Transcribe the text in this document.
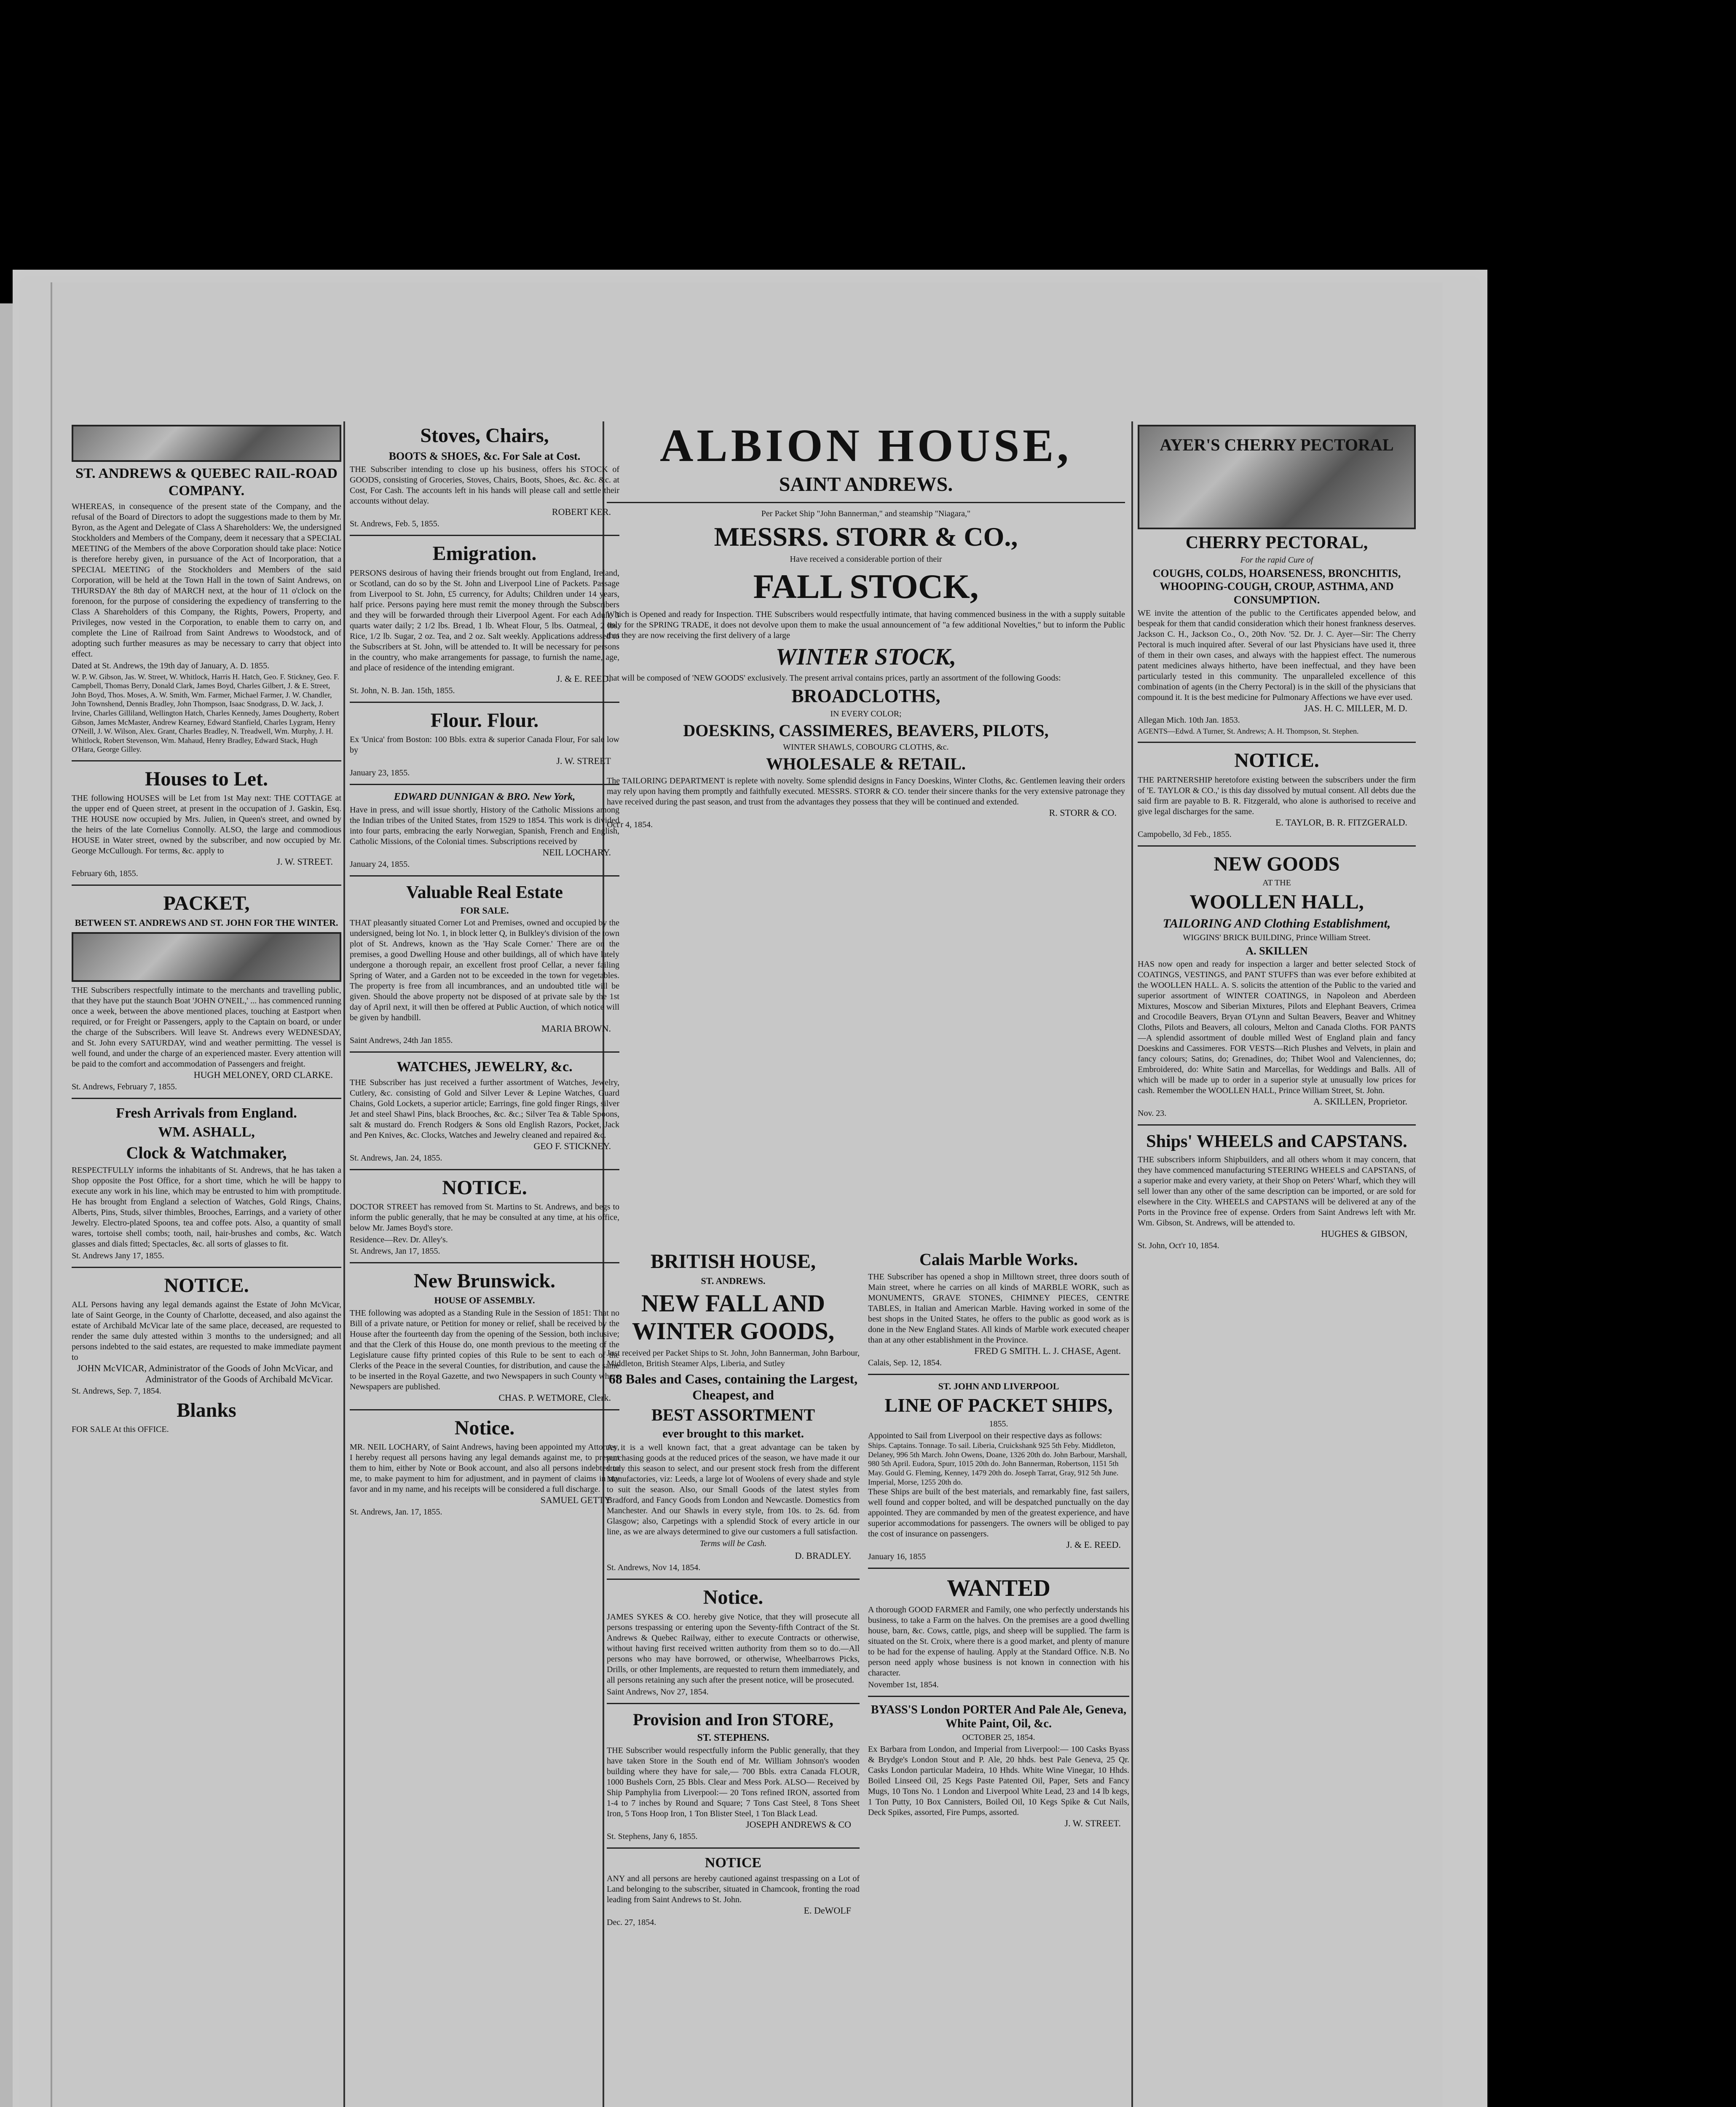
ST. ANDREWS & QUEBEC RAIL-ROAD COMPANY.
WHEREAS, in consequence of the present state of the Company, and the refusal of the Board of Directors to adopt the suggestions made to them by Mr. Byron, as the Agent and Delegate of Class A Shareholders: We, the undersigned Stockholders and Members of the Company, deem it necessary that a SPECIAL MEETING of the Members of the above Corporation should take place: Notice is therefore hereby given, in pursuance of the Act of Incorporation, that a SPECIAL MEETING of the Stockholders and Members of the said Corporation, will be held at the Town Hall in the town of Saint Andrews, on THURSDAY the 8th day of MARCH next, at the hour of 11 o'clock on the forenoon, for the purpose of considering the expediency of transferring to the Class A Shareholders of this Company, the Rights, Powers, Property, and Privileges, now vested in the Corporation, to enable them to carry on, and complete the Line of Railroad from Saint Andrews to Woodstock, and of adopting such further measures as may be necessary to carry that object into effect.
Dated at St. Andrews, the 19th day of January, A. D. 1855.
W. P. W. Gibson, Jas. W. Street, W. Whitlock, Harris H. Hatch, Geo. F. Stickney, Geo. F. Campbell, Thomas Berry, Donald Clark, James Boyd, Charles Gilbert, J. & E. Street, John Boyd, Thos. Moses, A. W. Smith, Wm. Farmer, Michael Farmer, J. W. Chandler, John Townshend, Dennis Bradley, John Thompson, Isaac Snodgrass, D. W. Jack, J. Irvine, Charles Gilliland, Wellington Hatch, Charles Kennedy, James Dougherty, Robert Gibson, James McMaster, Andrew Kearney, Edward Stanfield, Charles Lygram, Henry O'Neill, J. W. Wilson, Alex. Grant, Charles Bradley, N. Treadwell, Wm. Murphy, J. H. Whitlock, Robert Stevenson, Wm. Mahaud, Henry Bradley, Edward Stack, Hugh O'Hara, George Gilley.
Houses to Let.
THE following HOUSES will be Let from 1st May next: THE COTTAGE at the upper end of Queen street, at present in the occupation of J. Gaskin, Esq. THE HOUSE now occupied by Mrs. Julien, in Queen's street, and owned by the heirs of the late Cornelius Connolly. ALSO, the large and commodious HOUSE in Water street, owned by the subscriber, and now occupied by Mr. George McCullough. For terms, &c. apply to
J. W. STREET.
February 6th, 1855.
PACKET,
BETWEEN ST. ANDREWS AND ST. JOHN FOR THE WINTER.
THE Subscribers respectfully intimate to the merchants and travelling public, that they have put the staunch Boat 'JOHN O'NEIL,' ... has commenced running once a week, between the above mentioned places, touching at Eastport when required, or for Freight or Passengers, apply to the Captain on board, or under the charge of the Subscribers. Will leave St. Andrews every WEDNESDAY, and St. John every SATURDAY, wind and weather permitting. The vessel is well found, and under the charge of an experienced master. Every attention will be paid to the comfort and accommodation of Passengers and freight.
HUGH MELONEY, ORD CLARKE.
St. Andrews, February 7, 1855.
Fresh Arrivals from England.
WM. ASHALL,
Clock & Watchmaker,
RESPECTFULLY informs the inhabitants of St. Andrews, that he has taken a Shop opposite the Post Office, for a short time, which he will be happy to execute any work in his line, which may be entrusted to him with promptitude. He has brought from England a selection of Watches, Gold Rings, Chains, Alberts, Pins, Studs, silver thimbles, Brooches, Earrings, and a variety of other Jewelry. Electro-plated Spoons, tea and coffee pots. Also, a quantity of small wares, tortoise shell combs; tooth, nail, hair-brushes and combs, &c. Watch glasses and dials fitted; Spectacles, &c. all sorts of glasses to fit.
St. Andrews Jany 17, 1855.
NOTICE.
ALL Persons having any legal demands against the Estate of John McVicar, late of Saint George, in the County of Charlotte, deceased, and also against the estate of Archibald McVicar late of the same place, deceased, are requested to render the same duly attested within 3 months to the undersigned; and all persons indebted to the said estates, are requested to make immediate payment to
JOHN McVICAR, Administrator of the Goods of John McVicar, and Administrator of the Goods of Archibald McVicar.
St. Andrews, Sep. 7, 1854.
Blanks
FOR SALE At this OFFICE.
Stoves, Chairs,
BOOTS & SHOES, &c. For Sale at Cost.
THE Subscriber intending to close up his business, offers his STOCK of GOODS, consisting of Groceries, Stoves, Chairs, Boots, Shoes, &c. &c. &c. at Cost, For Cash. The accounts left in his hands will please call and settle their accounts without delay.
ROBERT KER.
St. Andrews, Feb. 5, 1855.
Emigration.
PERSONS desirous of having their friends brought out from England, Ireland, or Scotland, can do so by the St. John and Liverpool Line of Packets. Passage from Liverpool to St. John, £5 currency, for Adults; Children under 14 years, half price. Persons paying here must remit the money through the Subscribers and they will be forwarded through their Liverpool Agent. For each Adult, 3 quarts water daily; 2 1/2 lbs. Bread, 1 lb. Wheat Flour, 5 lbs. Oatmeal, 2 lbs. Rice, 1/2 lb. Sugar, 2 oz. Tea, and 2 oz. Salt weekly. Applications addressed to the Subscribers at St. John, will be attended to. It will be necessary for persons in the country, who make arrangements for passage, to furnish the name, age, and place of residence of the intending emigrant.
J. & E. REED.
St. John, N. B. Jan. 15th, 1855.
Flour. Flour.
Ex 'Unica' from Boston: 100 Bbls. extra & superior Canada Flour, For sale low by
J. W. STREET
January 23, 1855.
EDWARD DUNNIGAN & BRO. New York,
Have in press, and will issue shortly, History of the Catholic Missions among the Indian tribes of the United States, from 1529 to 1854. This work is divided into four parts, embracing the early Norwegian, Spanish, French and English, Catholic Missions, of the Colonial times. Subscriptions received by
NEIL LOCHARY.
January 24, 1855.
Valuable Real Estate
FOR SALE.
THAT pleasantly situated Corner Lot and Premises, owned and occupied by the undersigned, being lot No. 1, in block letter Q, in Bulkley's division of the town plot of St. Andrews, known as the 'Hay Scale Corner.' There are on the premises, a good Dwelling House and other buildings, all of which have lately undergone a thorough repair, an excellent frost proof Cellar, a never failing Spring of Water, and a Garden not to be exceeded in the town for vegetables. The property is free from all incumbrances, and an undoubted title will be given. Should the above property not be disposed of at private sale by the 1st day of April next, it will then be offered at Public Auction, of which notice will be given by handbill.
MARIA BROWN.
Saint Andrews, 24th Jan 1855.
WATCHES, JEWELRY, &c.
THE Subscriber has just received a further assortment of Watches, Jewelry, Cutlery, &c. consisting of Gold and Silver Lever & Lepine Watches, Guard Chains, Gold Lockets, a superior article; Earrings, fine gold finger Rings, silver Jet and steel Shawl Pins, black Brooches, &c. &c.; Silver Tea & Table Spoons, salt & mustard do. French Rodgers & Sons old English Razors, Pocket, Jack and Pen Knives, &c. Clocks, Watches and Jewelry cleaned and repaired &c.
GEO F. STICKNEY.
St. Andrews, Jan. 24, 1855.
NOTICE.
DOCTOR STREET has removed from St. Martins to St. Andrews, and begs to inform the public generally, that he may be consulted at any time, at his office, below Mr. James Boyd's store.
Residence—Rev. Dr. Alley's.
St. Andrews, Jan 17, 1855.
New Brunswick.
HOUSE OF ASSEMBLY.
THE following was adopted as a Standing Rule in the Session of 1851: That no Bill of a private nature, or Petition for money or relief, shall be received by the House after the fourteenth day from the opening of the Session, both inclusive; and that the Clerk of this House do, one month previous to the meeting of the Legislature cause fifty printed copies of this Rule to be sent to each of the Clerks of the Peace in the several Counties, for distribution, and cause the same to be inserted in the Royal Gazette, and two Newspapers in such County where Newspapers are published.
CHAS. P. WETMORE, Clerk.
Notice.
MR. NEIL LOCHARY, of Saint Andrews, having been appointed my Attorney, I hereby request all persons having any legal demands against me, to present them to him, either by Note or Book account, and also all persons indebted to me, to make payment to him for adjustment, and in payment of claims in my favor and in my name, and his receipts will be considered a full discharge.
SAMUEL GETTY
St. Andrews, Jan. 17, 1855.
ALBION HOUSE,
SAINT ANDREWS.
Per Packet Ship "John Bannerman," and steamship "Niagara,"
MESSRS. STORR & CO.,
Have received a considerable portion of their
FALL STOCK,
Which is Opened and ready for Inspection. THE Subscribers would respectfully intimate, that having commenced business in the with a supply suitable only for the SPRING TRADE, it does not devolve upon them to make the usual announcement of "a few additional Novelties," but to inform the Public that they are now receiving the first delivery of a large
WINTER STOCK,
that will be composed of 'NEW GOODS' exclusively. The present arrival contains prices, partly an assortment of the following Goods:
BROADCLOTHS,
IN EVERY COLOR;
DOESKINS, CASSIMERES, BEAVERS, PILOTS,
WINTER SHAWLS, COBOURG CLOTHS, &c.
WHOLESALE & RETAIL.
The TAILORING DEPARTMENT is replete with novelty. Some splendid designs in Fancy Doeskins, Winter Cloths, &c. Gentlemen leaving their orders may rely upon having them promptly and faithfully executed. MESSRS. STORR & CO. tender their sincere thanks for the very extensive patronage they have received during the past season, and trust from the advantages they possess that they will be continued and extended.
R. STORR & CO.
Oct'r 4, 1854.
BRITISH HOUSE,
ST. ANDREWS.
NEW FALL AND WINTER GOODS,
Just received per Packet Ships to St. John, John Bannerman, John Barbour, Middleton, British Steamer Alps, Liberia, and Sutley
68 Bales and Cases, containing the Largest, Cheapest, and
BEST ASSORTMENT
ever brought to this market.
As it is a well known fact, that a great advantage can be taken by purchasing goods at the reduced prices of the season, we have made it our study this season to select, and our present stock fresh from the different Manufactories, viz: Leeds, a large lot of Woolens of every shade and style to suit the season. Also, our Small Goods of the latest styles from Bradford, and Fancy Goods from London and Newcastle. Domestics from Manchester. And our Shawls in every style, from 10s. to 2s. 6d. from Glasgow; also, Carpetings with a splendid Stock of every article in our line, as we are always determined to give our customers a full satisfaction.
Terms will be Cash.
D. BRADLEY.
St. Andrews, Nov 14, 1854.
Notice.
JAMES SYKES & CO. hereby give Notice, that they will prosecute all persons trespassing or entering upon the Seventy-fifth Contract of the St. Andrews & Quebec Railway, either to execute Contracts or otherwise, without having first received written authority from them so to do.—All persons who may have borrowed, or otherwise, Wheelbarrows Picks, Drills, or other Implements, are requested to return them immediately, and all persons retaining any such after the present notice, will be prosecuted.
Saint Andrews, Nov 27, 1854.
Provision and Iron STORE,
ST. STEPHENS.
THE Subscriber would respectfully inform the Public generally, that they have taken Store in the South end of Mr. William Johnson's wooden building where they have for sale,— 700 Bbls. extra Canada FLOUR, 1000 Bushels Corn, 25 Bbls. Clear and Mess Pork. ALSO— Received by Ship Pamphylia from Liverpool:— 20 Tons refined IRON, assorted from 1-4 to 7 inches by Round and Square; 7 Tons Cast Steel, 8 Tons Sheet Iron, 5 Tons Hoop Iron, 1 Ton Blister Steel, 1 Ton Black Lead.
JOSEPH ANDREWS & CO
St. Stephens, Jany 6, 1855.
NOTICE
ANY and all persons are hereby cautioned against trespassing on a Lot of Land belonging to the subscriber, situated in Chamcook, fronting the road leading from Saint Andrews to St. John.
E. DeWOLF
Dec. 27, 1854.
Calais Marble Works.
THE Subscriber has opened a shop in Milltown street, three doors south of Main street, where he carries on all kinds of MARBLE WORK, such as MONUMENTS, GRAVE STONES, CHIMNEY PIECES, CENTRE TABLES, in Italian and American Marble. Having worked in some of the best shops in the United States, he offers to the public as good work as is done in the New England States. All kinds of Marble work executed cheaper than at any other establishment in the Province.
FRED G SMITH. L. J. CHASE, Agent.
Calais, Sep. 12, 1854.
ST. JOHN AND LIVERPOOL
LINE OF PACKET SHIPS,
1855.
Appointed to Sail from Liverpool on their respective days as follows:
Ships. Captains. Tonnage. To sail. Liberia, Cruickshank 925 5th Feby. Middleton, Delaney, 996 5th March. John Owens, Doane, 1326 20th do. John Barbour, Marshall, 980 5th April. Eudora, Spurr, 1015 20th do. John Bannerman, Robertson, 1151 5th May. Gould G. Fleming, Kenney, 1479 20th do. Joseph Tarrat, Gray, 912 5th June. Imperial, Morse, 1255 20th do.
These Ships are built of the best materials, and remarkably fine, fast sailers, well found and copper bolted, and will be despatched punctually on the day appointed. They are commanded by men of the greatest experience, and have superior accommodations for passengers. The owners will be obliged to pay the cost of insurance on passengers.
J. & E. REED.
January 16, 1855
WANTED
A thorough GOOD FARMER and Family, one who perfectly understands his business, to take a Farm on the halves. On the premises are a good dwelling house, barn, &c. Cows, cattle, pigs, and sheep will be supplied. The farm is situated on the St. Croix, where there is a good market, and plenty of manure to be had for the expense of hauling. Apply at the Standard Office. N.B. No person need apply whose business is not known in connection with his character.
November 1st, 1854.
BYASS'S London PORTER And Pale Ale, Geneva, White Paint, Oil, &c.
OCTOBER 25, 1854.
Ex Barbara from London, and Imperial from Liverpool:— 100 Casks Byass & Brydge's London Stout and P. Ale, 20 hhds. best Pale Geneva, 25 Qr. Casks London particular Madeira, 10 Hhds. White Wine Vinegar, 10 Hhds. Boiled Linseed Oil, 25 Kegs Paste Patented Oil, Paper, Sets and Fancy Mugs, 10 Tons No. 1 London and Liverpool White Lead, 23 and 14 lb kegs, 1 Ton Putty, 10 Box Cannisters, Boiled Oil, 10 Kegs Spike & Cut Nails, Deck Spikes, assorted, Fire Pumps, assorted.
J. W. STREET.
AYER'S CHERRY PECTORAL
CHERRY PECTORAL,
For the rapid Cure of
COUGHS, COLDS, HOARSENESS, BRONCHITIS, WHOOPING-COUGH, CROUP, ASTHMA, AND CONSUMPTION.
WE invite the attention of the public to the Certificates appended below, and bespeak for them that candid consideration which their honest frankness deserves. Jackson C. H., Jackson Co., O., 20th Nov. '52. Dr. J. C. Ayer—Sir: The Cherry Pectoral is much inquired after. Several of our last Physicians have used it, three of them in their own cases, and always with the happiest effect. The numerous patent medicines always hitherto, have been ineffectual, and they have been particularly tested in this community. The unparalleled excellence of this combination of agents (in the Cherry Pectoral) is in the skill of the physicians that compound it. It is the best medicine for Pulmonary Affections we have ever used.
JAS. H. C. MILLER, M. D.
Allegan Mich. 10th Jan. 1853.
AGENTS—Edwd. A Turner, St. Andrews; A. H. Thompson, St. Stephen.
NOTICE.
THE PARTNERSHIP heretofore existing between the subscribers under the firm of 'E. TAYLOR & CO.,' is this day dissolved by mutual consent. All debts due the said firm are payable to B. R. Fitzgerald, who alone is authorised to receive and give legal discharges for the same.
E. TAYLOR, B. R. FITZGERALD.
Campobello, 3d Feb., 1855.
NEW GOODS
AT THE
WOOLLEN HALL,
TAILORING AND Clothing Establishment,
WIGGINS' BRICK BUILDING, Prince William Street.
A. SKILLEN
HAS now open and ready for inspection a larger and better selected Stock of COATINGS, VESTINGS, and PANT STUFFS than was ever before exhibited at the WOOLLEN HALL. A. S. solicits the attention of the Public to the varied and superior assortment of WINTER COATINGS, in Napoleon and Aberdeen Mixtures, Moscow and Siberian Mixtures, Pilots and Elephant Beavers, Crimea and Crocodile Beavers, Bryan O'Lynn and Sultan Beavers, Beaver and Whitney Cloths, Pilots and Beavers, all colours, Melton and Canada Cloths. FOR PANTS—A splendid assortment of double milled West of England plain and fancy Doeskins and Cassimeres. FOR VESTS—Rich Plushes and Velvets, in plain and fancy colours; Satins, do; Grenadines, do; Thibet Wool and Valenciennes, do; Embroidered, do: White Satin and Marcellas, for Weddings and Balls. All of which will be made up to order in a superior style at unusually low prices for cash. Remember the WOOLLEN HALL, Prince William Street, St. John.
A. SKILLEN, Proprietor.
Nov. 23.
Ships' WHEELS and CAPSTANS.
THE subscribers inform Shipbuilders, and all others whom it may concern, that they have commenced manufacturing STEERING WHEELS and CAPSTANS, of a superior make and every variety, at their Shop on Peters' Wharf, which they will sell lower than any other of the same description can be imported, or are sold for elsewhere in the City. WHEELS and CAPSTANS will be delivered at any of the Ports in the Province free of expense. Orders from Saint Andrews left with Mr. Wm. Gibson, St. Andrews, will be attended to.
HUGHES & GIBSON,
St. John, Oct'r 10, 1854.
